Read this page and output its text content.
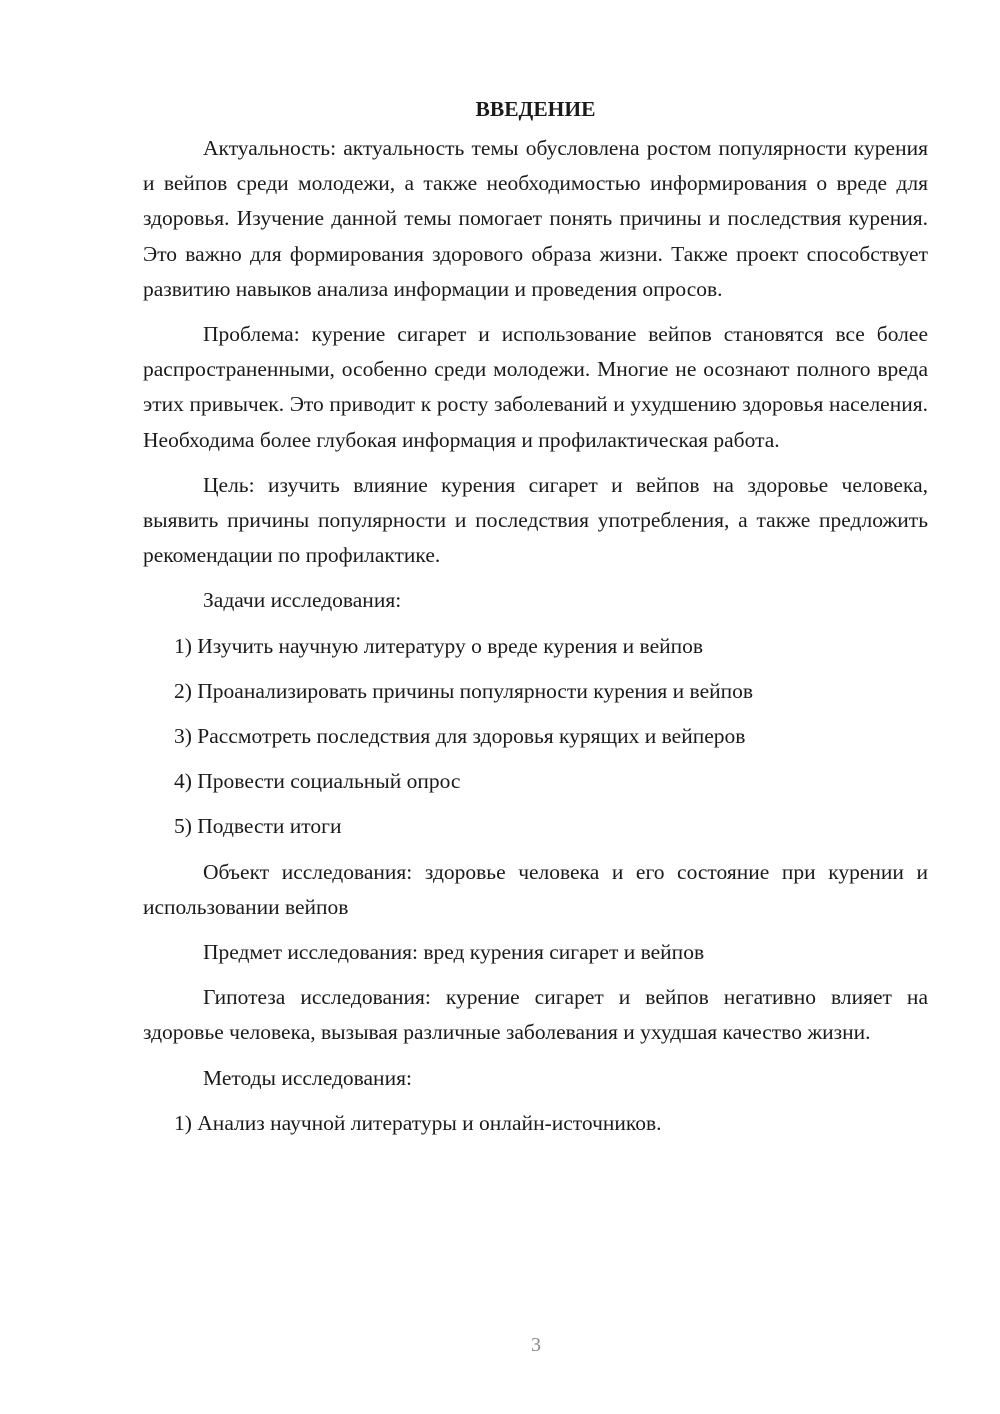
ВВЕДЕНИЕ

Актуальность: актуальность темы обусловлена ростом популярности курения и вейпов среди молодежи, а также необходимостью информирования о вреде для здоровья. Изучение данной темы помогает понять причины и последствия курения. Это важно для формирования здорового образа жизни. Также проект способствует развитию навыков анализа информации и проведения опросов.

Проблема: курение сигарет и использование вейпов становятся все более распространенными, особенно среди молодежи. Многие не осознают полного вреда этих привычек. Это приводит к росту заболеваний и ухудшению здоровья населения. Необходима более глубокая информация и профилактическая работа.

Цель: изучить влияние курения сигарет и вейпов на здоровье человека, выявить причины популярности и последствия употребления, а также предложить рекомендации по профилактике.

Задачи исследования:

1) Изучить научную литературу о вреде курения и вейпов
2) Проанализировать причины популярности курения и вейпов
3) Рассмотреть последствия для здоровья курящих и вейперов
4) Провести социальный опрос
5) Подвести итоги

Объект исследования: здоровье человека и его состояние при курении и использовании вейпов

Предмет исследования: вред курения сигарет и вейпов

Гипотеза исследования: курение сигарет и вейпов негативно влияет на здоровье человека, вызывая различные заболевания и ухудшая качество жизни.

Методы исследования:

1) Анализ научной литературы и онлайн-источников.
3
